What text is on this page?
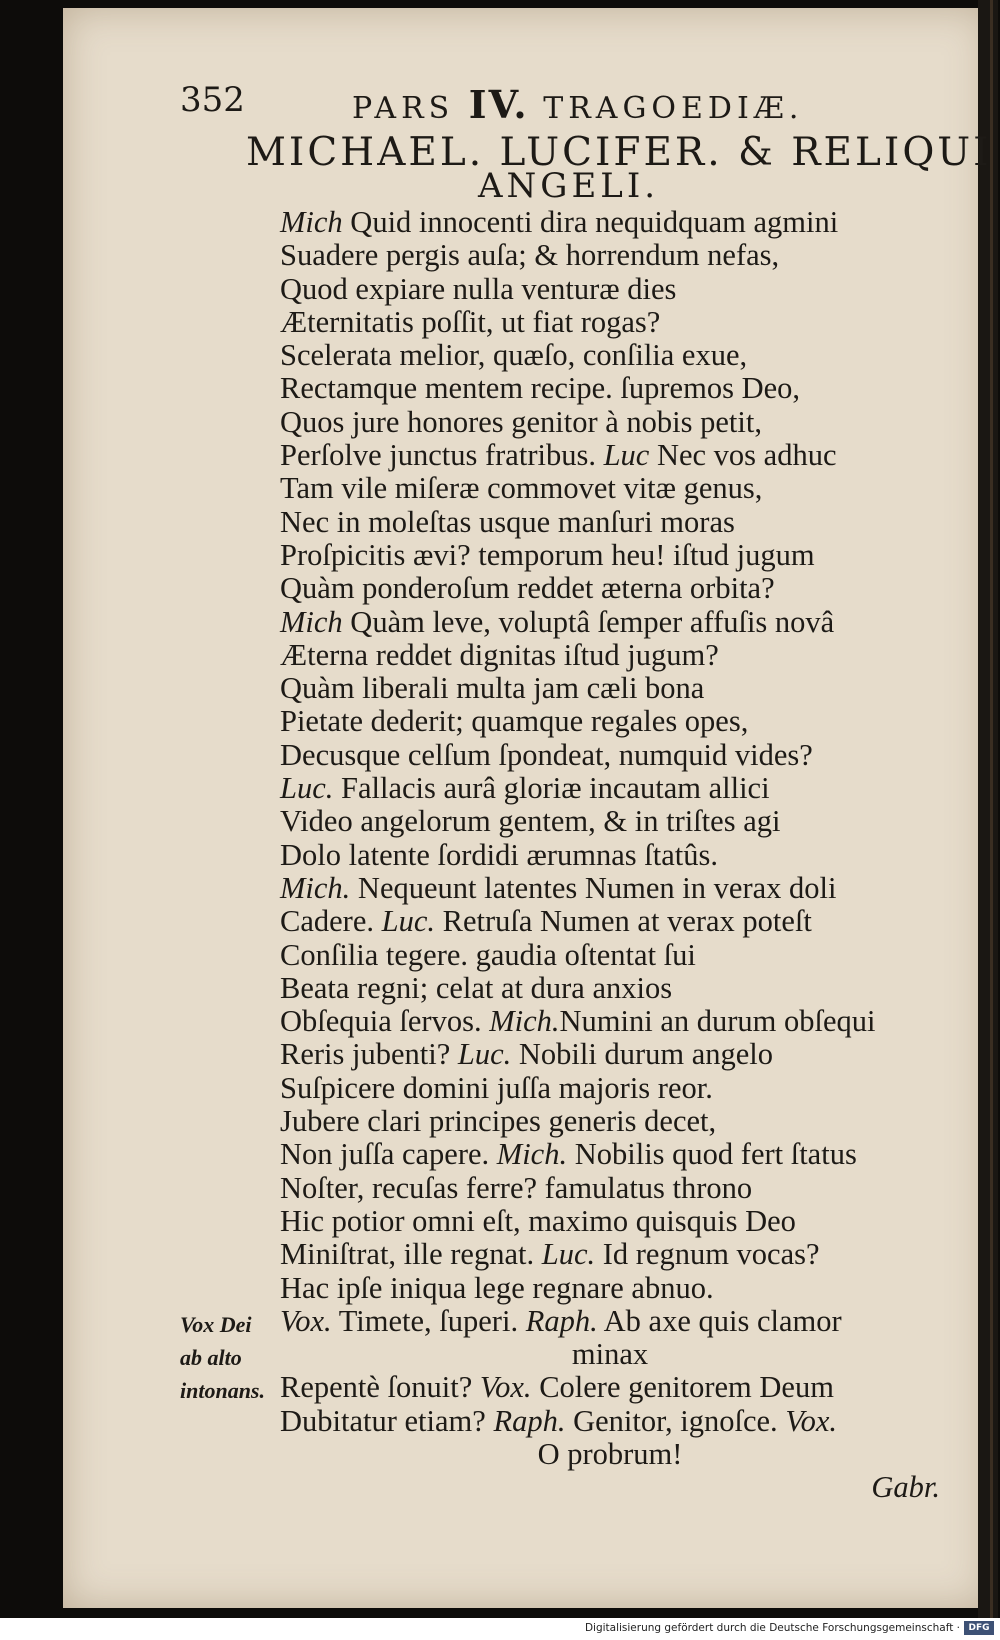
352	PARS IV. TRAGOEDIÆ.
MICHAEL. LUCIFER. & RELIQUI
ANGELI.
Mich Quid innocenti dira nequidquam agmini
Suadere pergis auſa; & horrendum nefas,
Quod expiare nulla venturæ dies
Æternitatis poſſit, ut fiat rogas?
Scelerata melior, quæſo, conſilia exue,
Rectamque mentem recipe. ſupremos Deo,
Quos jure honores genitor à nobis petit,
Perſolve junctus fratribus. Luc Nec vos adhuc
Tam vile miſeræ commovet vitæ genus,
Nec in moleſtas usque manſuri moras
Proſpicitis ævi? temporum heu! iſtud jugum
Quàm ponderoſum reddet æterna orbita?
Mich Quàm leve, voluptâ ſemper affuſis novâ
Æterna reddet dignitas iſtud jugum?
Quàm liberali multa jam cæli bona
Pietate dederit; quamque regales opes,
Decusque celſum ſpondeat, numquid vides?
Luc. Fallacis aurâ gloriæ incautam allici
Video angelorum gentem, & in triſtes agi
Dolo latente ſordidi ærumnas ſtatûs.
Mich. Nequeunt latentes Numen in verax doli
Cadere. Luc. Retruſa Numen at verax poteſt
Conſilia tegere. gaudia oſtentat ſui
Beata regni; celat at dura anxios
Obſequia ſervos. Mich.Numini an durum obſequi
Reris jubenti? Luc. Nobili durum angelo
Suſpicere domini juſſa majoris reor.
Jubere clari principes generis decet,
Non juſſa capere. Mich. Nobilis quod fert ſtatus
Noſter, recuſas ferre? famulatus throno
Hic potior omni eſt, maximo quisquis Deo
Miniſtrat, ille regnat. Luc. Id regnum vocas?
Hac ipſe iniqua lege regnare abnuo.
Vox. Timete, ſuperi. Raph. Ab axe quis clamor
minax
Repentè ſonuit? Vox. Colere genitorem Deum
Dubitatur etiam? Raph. Genitor, ignoſce. Vox.
O probrum!
Gabr.
Vox Dei
ab alto
intonans.
Digitalisierung gefördert durch die Deutsche Forschungsgemeinschaft · DFG
